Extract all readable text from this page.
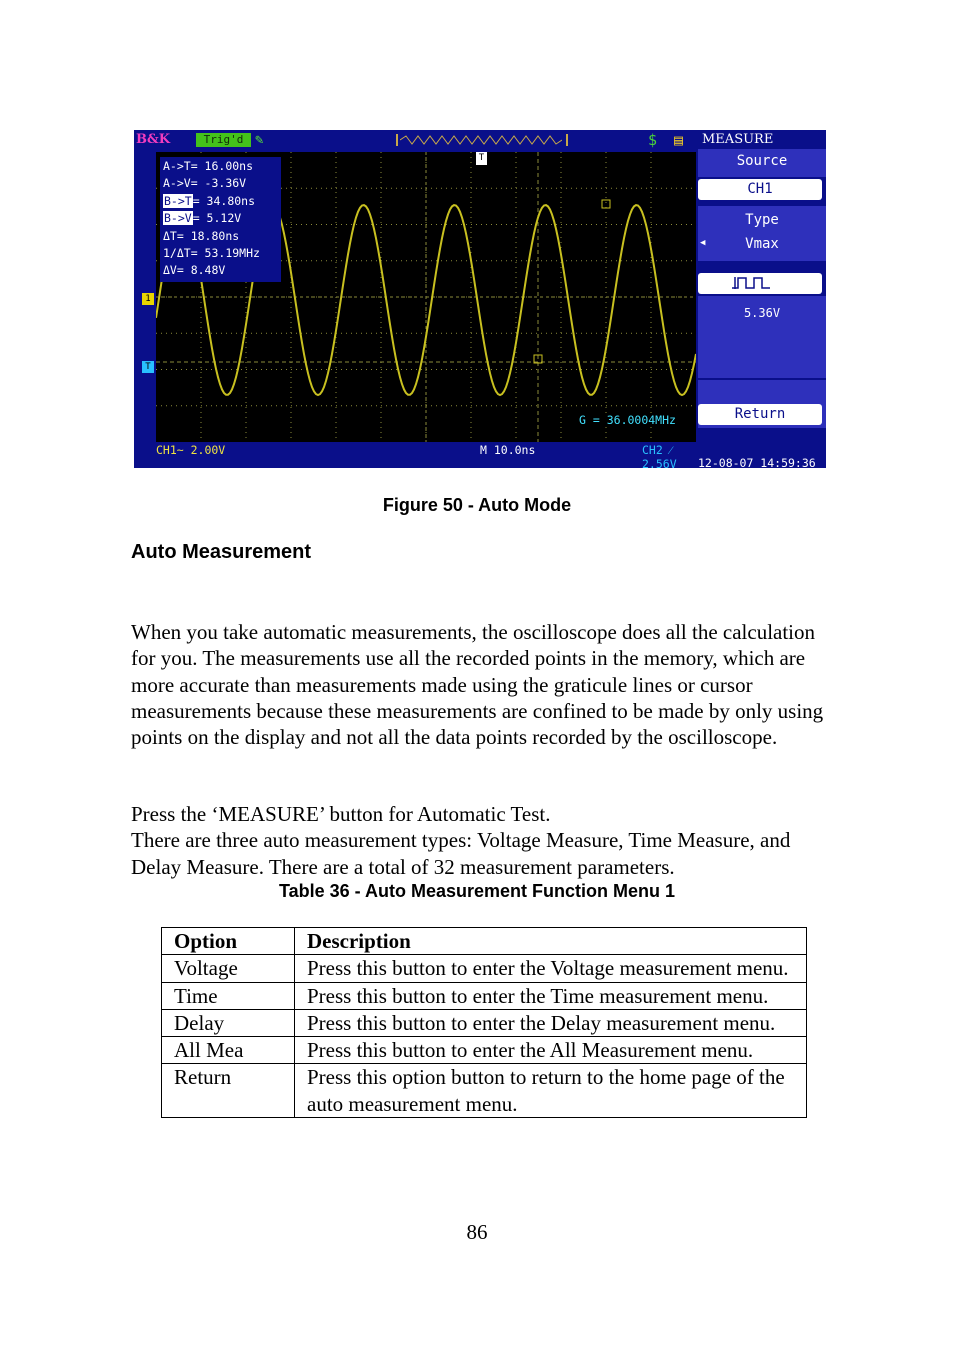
B&K	Trig'd ✎	$ ▤
T
1
T
A->T= 16.00ns
A->V= -3.36V
B->T= 34.80ns
B->V= 5.12V
ΔT= 18.80ns
1/ΔT= 53.19MHz
ΔV= 8.48V
G = 36.0004MHz
CH1~ 2.00V	M 10.0ns	CH2 ⁄ 2.56V	12-08-07 14:59:36
MEASURE
Source
CH1
Type
◀	Vmax
5.36V
Return
Figure 50 - Auto Mode
Auto Measurement
When you take automatic measurements, the oscilloscope does all the calculation for you. The measurements use all the recorded points in the memory, which are more accurate than measurements made using the graticule lines or cursor measurements because these measurements are confined to be made by only using points on the display and not all the data points recorded by the oscilloscope.
Press the ‘MEASURE’ button for Automatic Test.
There are three auto measurement types: Voltage Measure, Time Measure, and Delay Measure. There are a total of 32 measurement parameters.
Table 36 - Auto Measurement Function Menu 1
Option	Description
Voltage	Press this button to enter the Voltage measurement menu.
Time	Press this button to enter the Time measurement menu.
Delay	Press this button to enter the Delay measurement menu.
All Mea	Press this button to enter the All Measurement menu.
Return	Press this option button to return to the home page of the auto measurement menu.
86
